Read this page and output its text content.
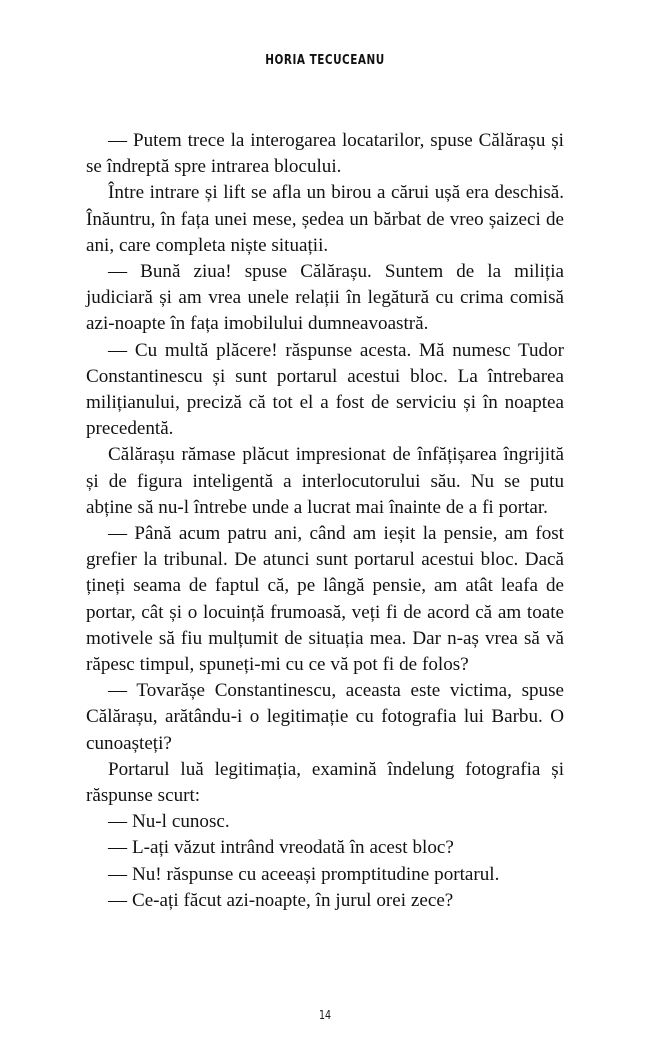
HORIA TECUCEANU

— Putem trece la interogarea locatarilor, spuse Călărașu și se îndreptă spre intrarea blocului.

Între intrare și lift se afla un birou a cărui ușă era deschisă. Înăuntru, în fața unei mese, ședea un bărbat de vreo șaizeci de ani, care completa niște situații.

— Bună ziua! spuse Călărașu. Suntem de la miliția judiciară și am vrea unele relații în legătură cu crima comisă azi-noapte în fața imobilului dumneavoastră.

— Cu multă plăcere! răspunse acesta. Mă numesc Tudor Constantinescu și sunt portarul acestui bloc. La întrebarea milițianului, preciză că tot el a fost de serviciu și în noaptea precedentă.

Călărașu rămase plăcut impresionat de înfățișarea îngrijită și de figura inteligentă a interlocutorului său. Nu se putu abține să nu-l întrebe unde a lucrat mai înainte de a fi portar.

— Până acum patru ani, când am ieșit la pensie, am fost grefier la tribunal. De atunci sunt portarul acestui bloc. Dacă țineți seama de faptul că, pe lângă pensie, am atât leafa de portar, cât și o locuință frumoasă, veți fi de acord că am toate motivele să fiu mulțumit de situația mea. Dar n-aș vrea să vă răpesc timpul, spuneți-mi cu ce vă pot fi de folos?

— Tovarășe Constantinescu, aceasta este victima, spuse Călărașu, arătându-i o legitimație cu fotografia lui Barbu. O cunoașteți?

Portarul luă legitimația, examină îndelung fotografia și răspunse scurt:

— Nu-l cunosc.

— L-ați văzut intrând vreodată în acest bloc?

— Nu! răspunse cu aceeași promptitudine portarul.

— Ce-ați făcut azi-noapte, în jurul orei zece?

14
